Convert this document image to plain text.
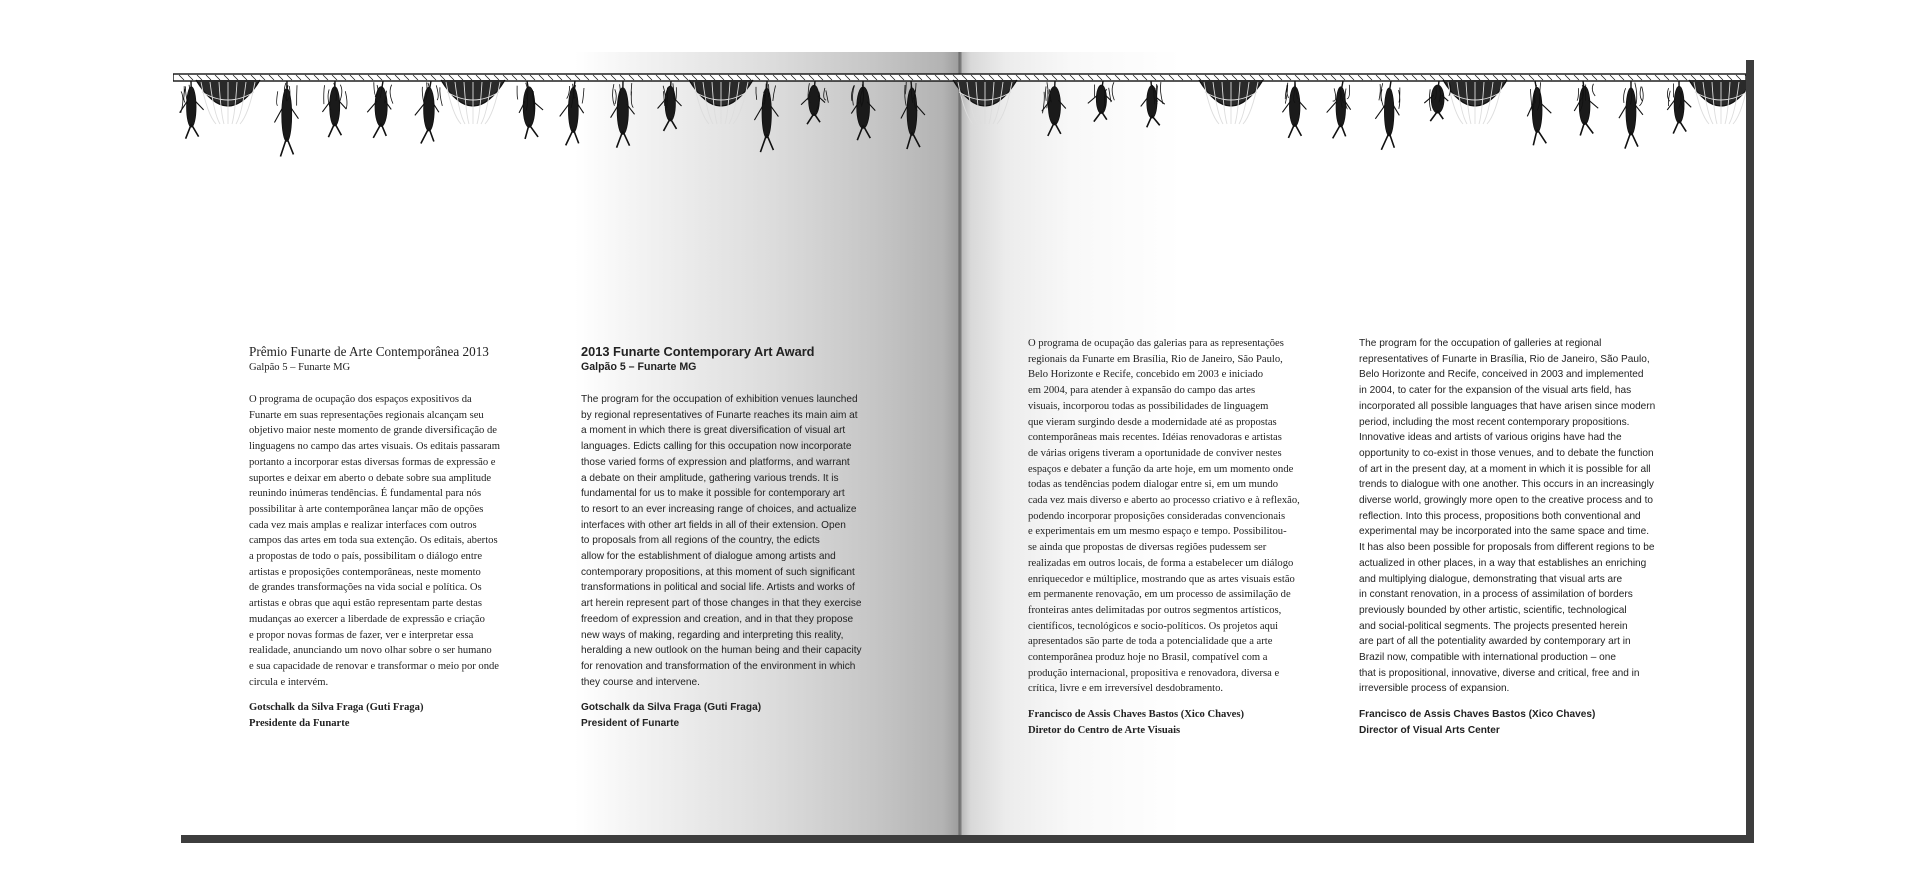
Prêmio Funarte de Arte Contemporânea 2013

Galpão 5 – Funarte MG

O programa de ocupação dos espaços expositivos da
Funarte em suas representações regionais alcançam seu
objetivo maior neste momento de grande diversificação de
linguagens no campo das artes visuais. Os editais passaram
portanto a incorporar estas diversas formas de expressão e
suportes e deixar em aberto o debate sobre sua amplitude
reunindo inúmeras tendências. É fundamental para nós
possibilitar à arte contemporânea lançar mão de opções
cada vez mais amplas e realizar interfaces com outros
campos das artes em toda sua extenção. Os editais, abertos
a propostas de todo o país, possibilitam o diálogo entre
artistas e proposições contemporâneas, neste momento
de grandes transformações na vida social e política. Os
artistas e obras que aqui estão representam parte destas
mudanças ao exercer a liberdade de expressão e criação
e propor novas formas de fazer, ver e interpretar essa
realidade, anunciando um novo olhar sobre o ser humano
e sua capacidade de renovar e transformar o meio por onde
circula e intervém.

Gotschalk da Silva Fraga (Guti Fraga)

Presidente da Funarte

2013 Funarte Contemporary Art Award

Galpão 5 – Funarte MG

The program for the occupation of exhibition venues launched
by regional representatives of Funarte reaches its main aim at
a moment in which there is great diversification of visual art
languages. Edicts calling for this occupation now incorporate
those varied forms of expression and platforms, and warrant
a debate on their amplitude, gathering various trends. It is
fundamental for us to make it possible for contemporary art
to resort to an ever increasing range of choices, and actualize
interfaces with other art fields in all of their extension. Open
to proposals from all regions of the country, the edicts
allow for the establishment of dialogue among artists and
contemporary propositions, at this moment of such significant
transformations in political and social life. Artists and works of
art herein represent part of those changes in that they exercise
freedom of expression and creation, and in that they propose
new ways of making, regarding and interpreting this reality,
heralding a new outlook on the human being and their capacity
for renovation and transformation of the environment in which
they course and intervene.

Gotschalk da Silva Fraga (Guti Fraga)

President of Funarte

O programa de ocupação das galerias para as representações
regionais da Funarte em Brasília, Rio de Janeiro, São Paulo,
Belo Horizonte e Recife, concebido em 2003 e iniciado
em 2004, para atender à expansão do campo das artes
visuais, incorporou todas as possibilidades de linguagem
que vieram surgindo desde a modernidade até as propostas
contemporâneas mais recentes. Idéias renovadoras e artistas
de várias origens tiveram a oportunidade de conviver nestes
espaços e debater a função da arte hoje, em um momento onde
todas as tendências podem dialogar entre si, em um mundo
cada vez mais diverso e aberto ao processo criativo e à reflexão,
podendo incorporar proposições consideradas convencionais
e experimentais em um mesmo espaço e tempo. Possibilitou-
se ainda que propostas de diversas regiões pudessem ser
realizadas em outros locais, de forma a estabelecer um diálogo
enriquecedor e múltiplice, mostrando que as artes visuais estão
em permanente renovação, em um processo de assimilação de
fronteiras antes delimitadas por outros segmentos artísticos,
científicos, tecnológicos e socio-políticos. Os projetos aqui
apresentados são parte de toda a potencialidade que a arte
contemporânea produz hoje no Brasil, compatível com a
produção internacional, propositiva e renovadora, diversa e
crítica, livre e em irreversível desdobramento.

Francisco de Assis Chaves Bastos (Xico Chaves)

Diretor do Centro de Arte Visuais

The program for the occupation of galleries at regional
representatives of Funarte in Brasília, Rio de Janeiro, São Paulo,
Belo Horizonte and Recife, conceived in 2003 and implemented
in 2004, to cater for the expansion of the visual arts field, has
incorporated all possible languages that have arisen since modern
period, including the most recent contemporary propositions.
Innovative ideas and artists of various origins have had the
opportunity to co-exist in those venues, and to debate the function
of art in the present day, at a moment in which it is possible for all
trends to dialogue with one another. This occurs in an increasingly
diverse world, growingly more open to the creative process and to
reflection. Into this process, propositions both conventional and
experimental may be incorporated into the same space and time.
It has also been possible for proposals from different regions to be
actualized in other places, in a way that establishes an enriching
and multiplying dialogue, demonstrating that visual arts are
in constant renovation, in a process of assimilation of borders
previously bounded by other artistic, scientific, technological
and social-political segments. The projects presented herein
are part of all the potentiality awarded by contemporary art in
Brazil now, compatible with international production – one
that is propositional, innovative, diverse and critical, free and in
irreversible process of expansion.

Francisco de Assis Chaves Bastos (Xico Chaves)

Director of Visual Arts Center
